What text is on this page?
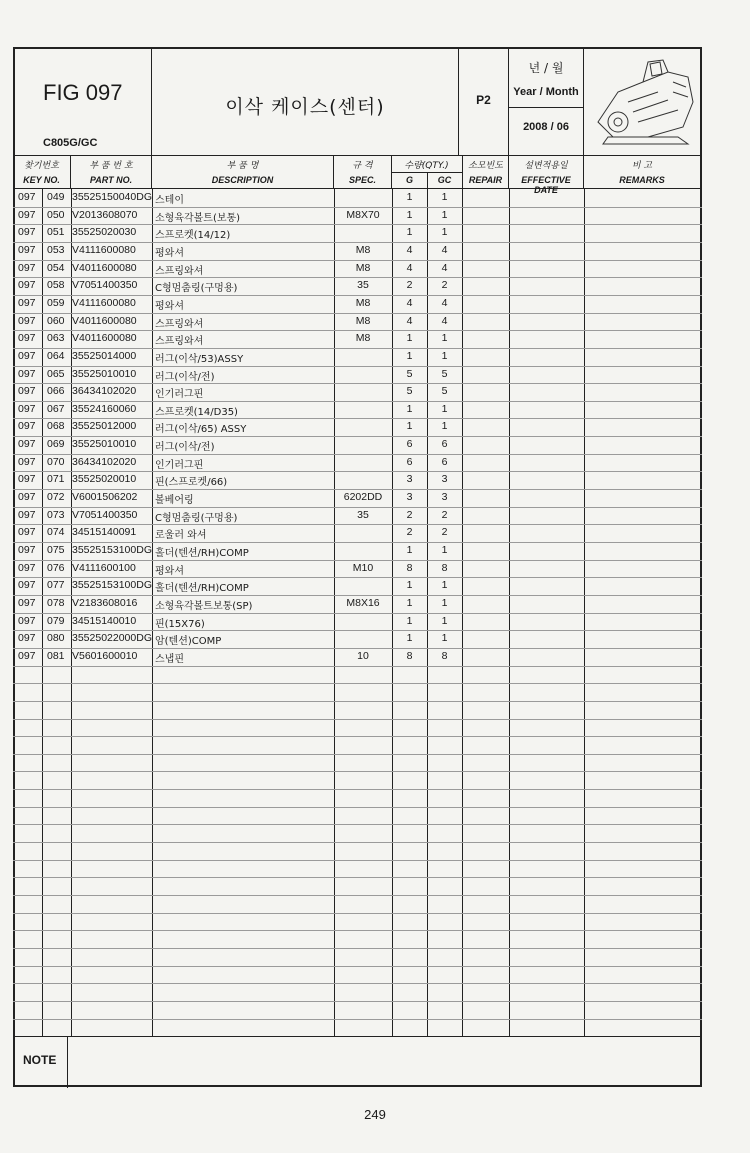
FIG 097
C805G/GC
이삭 케이스(센터)	P2
년 / 월
Year / Month
2008 / 06
찾기번호
KEY NO.
부 품 번 호
PART NO.
부 품 명
DESCRIPTION
규 격
SPEC.
수량(QTY.)
G	GC
소모빈도
REPAIR
설변적용일
EFFECTIVE DATE
비 고
REMARKS
097 049 35525150040DG 스테이	1	1
097 050 V2013608070 소형육각볼트(보통)	M8X70	1	1
097 051 35525020030 스프로켓(14/12)	1	1
097 053 V4111600080 평와셔	M8	4	4
097 054 V4011600080 스프링와셔	M8	4	4
097 058 V7051400350 C형멈춤링(구멍용)	35	2	2
097 059 V4111600080 평와셔	M8	4	4
097 060 V4011600080 스프링와셔	M8	4	4
097 063 V4011600080 스프링와셔	M8	1	1
097 064 35525014000 러그(이삭/53)ASSY	1	1
097 065 35525010010 러그(이삭/전)	5	5
097 066 36434102020 인기러그핀	5	5
097 067 35524160060 스프로켓(14/D35)	1	1
097 068 35525012000 러그(이삭/65) ASSY	1	1
097 069 35525010010 러그(이삭/전)	6	6
097 070 36434102020 인기러그핀	6	6
097 071 35525020010 핀(스프로켓/66)	3	3
097 072 V6001506202 볼베어링	6202DD	3	3
097 073 V7051400350 C형멈춤링(구멍용)	35	2	2
097 074 34515140091 로울러 와셔	2	2
097 075 35525153100DG 홀더(텐션/RH)COMP	1	1
097 076 V4111600100 평와셔	M10	8	8
097 077 35525153100DG 홀더(텐션/RH)COMP	1	1
097 078 V2183608016 소형육각볼트보통(SP)	M8X16	1	1
097 079 34515140010 핀(15X76)	1	1
097 080 35525022000DG 암(텐션)COMP	1	1
097 081 V5601600010 스냅핀	10	8	8
NOTE
249
